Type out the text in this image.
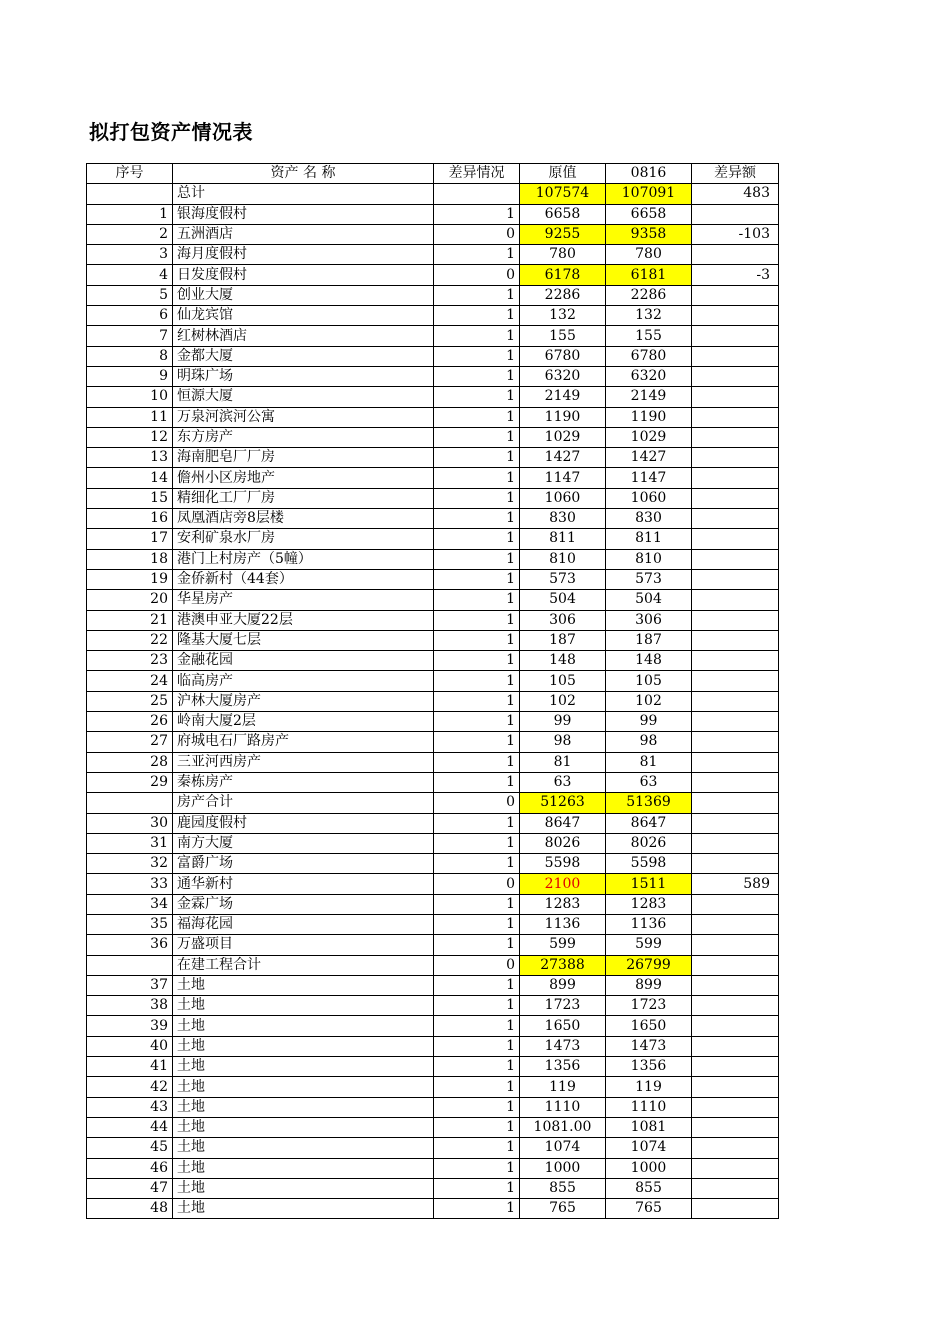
拟打包资产情况表
序号	资产 名 称	差异情况	原值	0816	差异额
	总计		107574	107091	483
1	银海度假村	1	6658	6658	
2	五洲酒店	0	9255	9358	-103
3	海月度假村	1	780	780	
4	日发度假村	0	6178	6181	-3
5	创业大厦	1	2286	2286	
6	仙龙宾馆	1	132	132	
7	红树林酒店	1	155	155	
8	金都大厦	1	6780	6780	
9	明珠广场	1	6320	6320	
10	恒源大厦	1	2149	2149	
11	万泉河滨河公寓	1	1190	1190	
12	东方房产	1	1029	1029	
13	海南肥皂厂厂房	1	1427	1427	
14	儋州小区房地产	1	1147	1147	
15	精细化工厂厂房	1	1060	1060	
16	凤凰酒店旁8层楼	1	830	830	
17	安利矿泉水厂房	1	811	811	
18	港门上村房产（5幢）	1	810	810	
19	金侨新村（44套）	1	573	573	
20	华星房产	1	504	504	
21	港澳申亚大厦22层	1	306	306	
22	隆基大厦七层	1	187	187	
23	金融花园	1	148	148	
24	临高房产	1	105	105	
25	沪林大厦房产	1	102	102	
26	岭南大厦2层	1	99	99	
27	府城电石厂路房产	1	98	98	
28	三亚河西房产	1	81	81	
29	秦栋房产	1	63	63	
	房产合计	0	51263	51369	
30	鹿园度假村	1	8647	8647	
31	南方大厦	1	8026	8026	
32	富爵广场	1	5598	5598	
33	通华新村	0	2100	1511	589
34	金霖广场	1	1283	1283	
35	福海花园	1	1136	1136	
36	万盛项目	1	599	599	
	在建工程合计	0	27388	26799	
37	土地	1	899	899	
38	土地	1	1723	1723	
39	土地	1	1650	1650	
40	土地	1	1473	1473	
41	土地	1	1356	1356	
42	土地	1	119	119	
43	土地	1	1110	1110	
44	土地	1	1081.00	1081	
45	土地	1	1074	1074	
46	土地	1	1000	1000	
47	土地	1	855	855	
48	土地	1	765	765	
